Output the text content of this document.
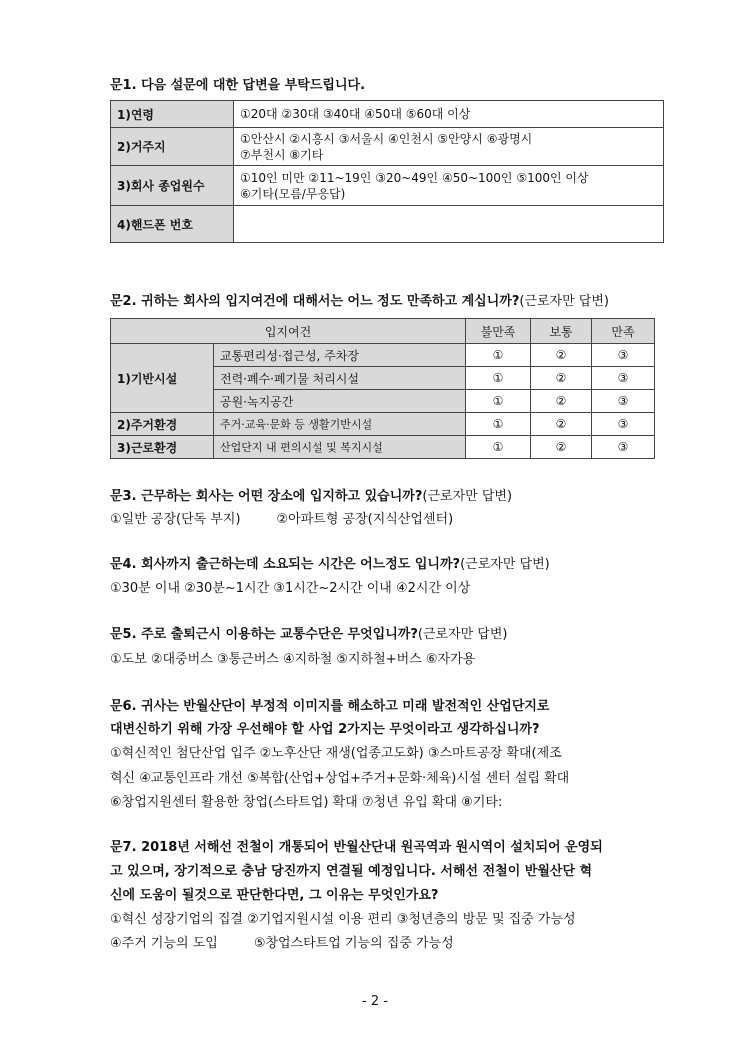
문1. 다음 설문에 대한 답변을 부탁드립니다.
1)연령	①20대 ②30대 ③40대 ④50대 ⑤60대 이상

2)거주지	①안산시 ②시흥시 ③서울시 ④인천시 ⑤안양시 ⑥광명시
⑦부천시 ⑧기타

3)회사 종업원수	①10인 미만 ②11~19인 ③20~49인 ④50~100인 ⑤100인 이상
⑥기타(모름/무응답)

4)핸드폰 번호	
문2. 귀하는 회사의 입지여건에 대해서는 어느 정도 만족하고 계십니까?(근로자만 답변)
입지여건		불만족	보통	만족
1)기반시설	교통편리성·접근성, 주차장	①	②	③
	전력·폐수·폐기물 처리시설	①	②	③
	공원·녹지공간	①	②	③
2)주거환경	주거·교육·문화 등 생활기반시설	①	②	③
3)근로환경	산업단지 내 편의시설 및 복지시설	①	②	③
문3. 근무하는 회사는 어떤 장소에 입지하고 있습니까?(근로자만 답변)
①일반 공장(단독 부지)	②아파트형 공장(지식산업센터)
문4. 회사까지 출근하는데 소요되는 시간은 어느정도 입니까?(근로자만 답변)
①30분 이내 ②30분~1시간 ③1시간~2시간 이내 ④2시간 이상
문5. 주로 출퇴근시 이용하는 교통수단은 무엇입니까?(근로자만 답변)
①도보 ②대중버스 ③통근버스 ④지하철 ⑤지하철+버스 ⑥자가용
문6. 귀사는 반월산단이 부정적 이미지를 해소하고 미래 발전적인 산업단지로
대변신하기 위해 가장 우선해야 할 사업 2가지는 무엇이라고 생각하십니까?
①혁신적인 첨단산업 입주 ②노후산단 재생(업종고도화) ③스마트공장 확대(제조
혁신 ④교통인프라 개선 ⑤복합(산업+상업+주거+문화·체육)시설 센터 설립 확대
⑥창업지원센터 활용한 창업(스타트업) 확대 ⑦청년 유입 확대 ⑧기타:
문7. 2018년 서해선 전철이 개통되어 반월산단내 원곡역과 원시역이 설치되어 운영되
고 있으며, 장기적으로 충남 당진까지 연결될 예정입니다. 서해선 전철이 반월산단 혁
신에 도움이 될것으로 판단한다면, 그 이유는 무엇인가요?
①혁신 성장기업의 집결 ②기업지원시설 이용 편리 ③청년층의 방문 및 집중 가능성
④주거 기능의 도입	⑤창업스타트업 기능의 집중 가능성
- 2 -
